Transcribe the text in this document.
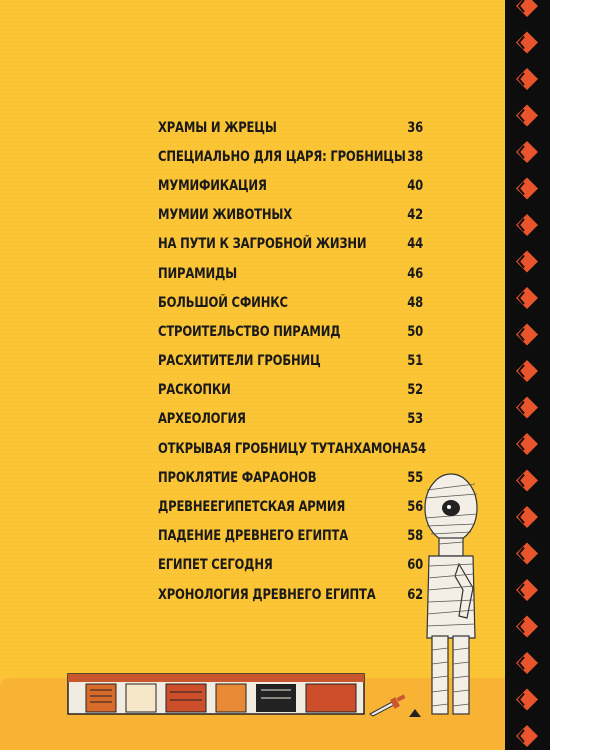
ХРАМЫ И ЖРЕЦЫ	36
СПЕЦИАЛЬНО ДЛЯ ЦАРЯ: ГРОБНИЦЫ 38
МУМИФИКАЦИЯ	40
МУМИИ ЖИВОТНЫХ	42
НА ПУТИ К ЗАГРОБНОЙ ЖИЗНИ	44
ПИРАМИДЫ	46
БОЛЬШОЙ СФИНКС	48
СТРОИТЕЛЬСТВО ПИРАМИД	50
РАСХИТИТЕЛИ ГРОБНИЦ	51
РАСКОПКИ	52
АРХЕОЛОГИЯ	53
ОТКРЫВАЯ ГРОБНИЦУ ТУТАНХАМОНА 54
ПРОКЛЯТИЕ ФАРАОНОВ	55
ДРЕВНЕЕГИПЕТСКАЯ АРМИЯ	56
ПАДЕНИЕ ДРЕВНЕГО ЕГИПТА	58
ЕГИПЕТ СЕГОДНЯ	60
ХРОНОЛОГИЯ ДРЕВНЕГО ЕГИПТА 62
